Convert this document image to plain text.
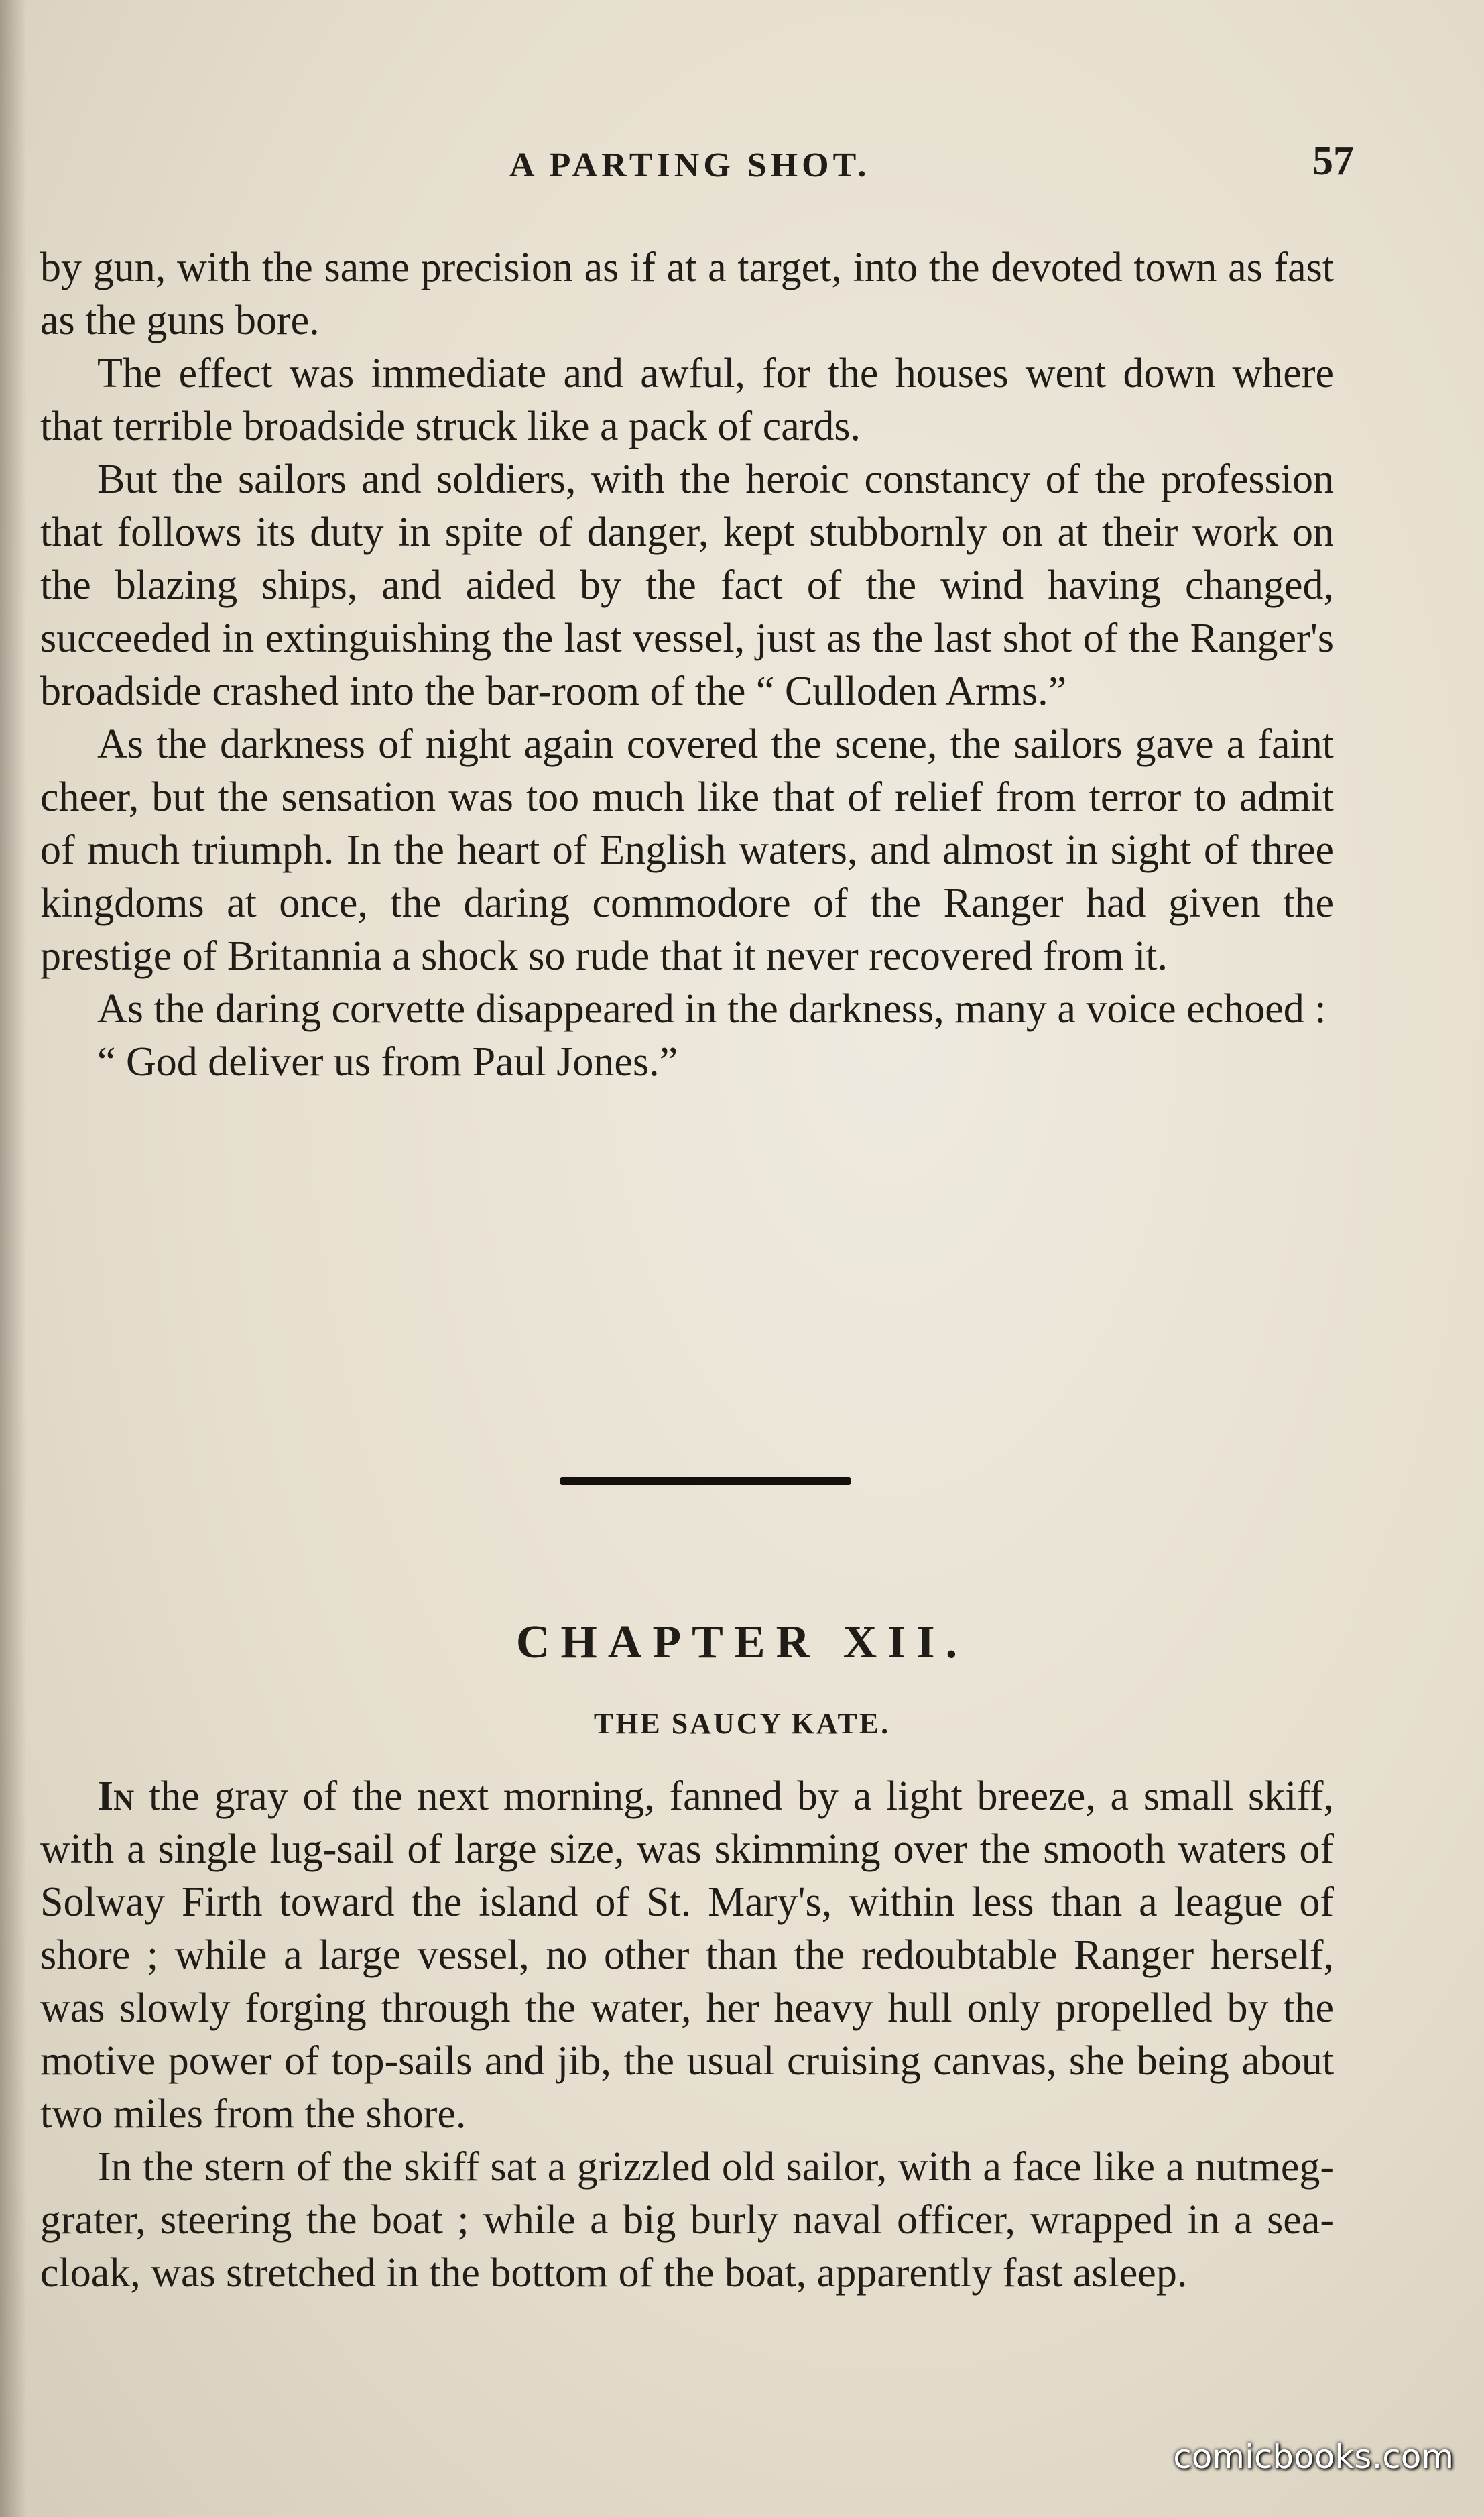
A PARTING SHOT.	57

by gun, with the same precision as if at a target, into the devoted town as fast as the guns bore.

The effect was immediate and awful, for the houses went down where that terrible broadside struck like a pack of cards.

But the sailors and soldiers, with the heroic constancy of the profession that follows its duty in spite of danger, kept stubbornly on at their work on the blazing ships, and aided by the fact of the wind having changed, succeeded in extinguishing the last vessel, just as the last shot of the Ranger's broadside crashed into the bar-room of the “ Culloden Arms.”

As the darkness of night again covered the scene, the sailors gave a faint cheer, but the sensation was too much like that of relief from terror to admit of much triumph. In the heart of English waters, and almost in sight of three kingdoms at once, the daring commodore of the Ranger had given the prestige of Britannia a shock so rude that it never recovered from it.

As the daring corvette disappeared in the darkness, many a voice echoed :

“ God deliver us from Paul Jones.”

CHAPTER XII.
THE SAUCY KATE.

In the gray of the next morning, fanned by a light breeze, a small skiff, with a single lug-sail of large size, was skimming over the smooth waters of Solway Firth toward the island of St. Mary's, within less than a league of shore ; while a large vessel, no other than the redoubtable Ranger herself, was slowly forging through the water, her heavy hull only propelled by the motive power of top-sails and jib, the usual cruising canvas, she being about two miles from the shore.

In the stern of the skiff sat a grizzled old sailor, with a face like a nutmeg-grater, steering the boat ; while a big burly naval officer, wrapped in a sea-cloak, was stretched in the bottom of the boat, apparently fast asleep.

comicbooks.com
